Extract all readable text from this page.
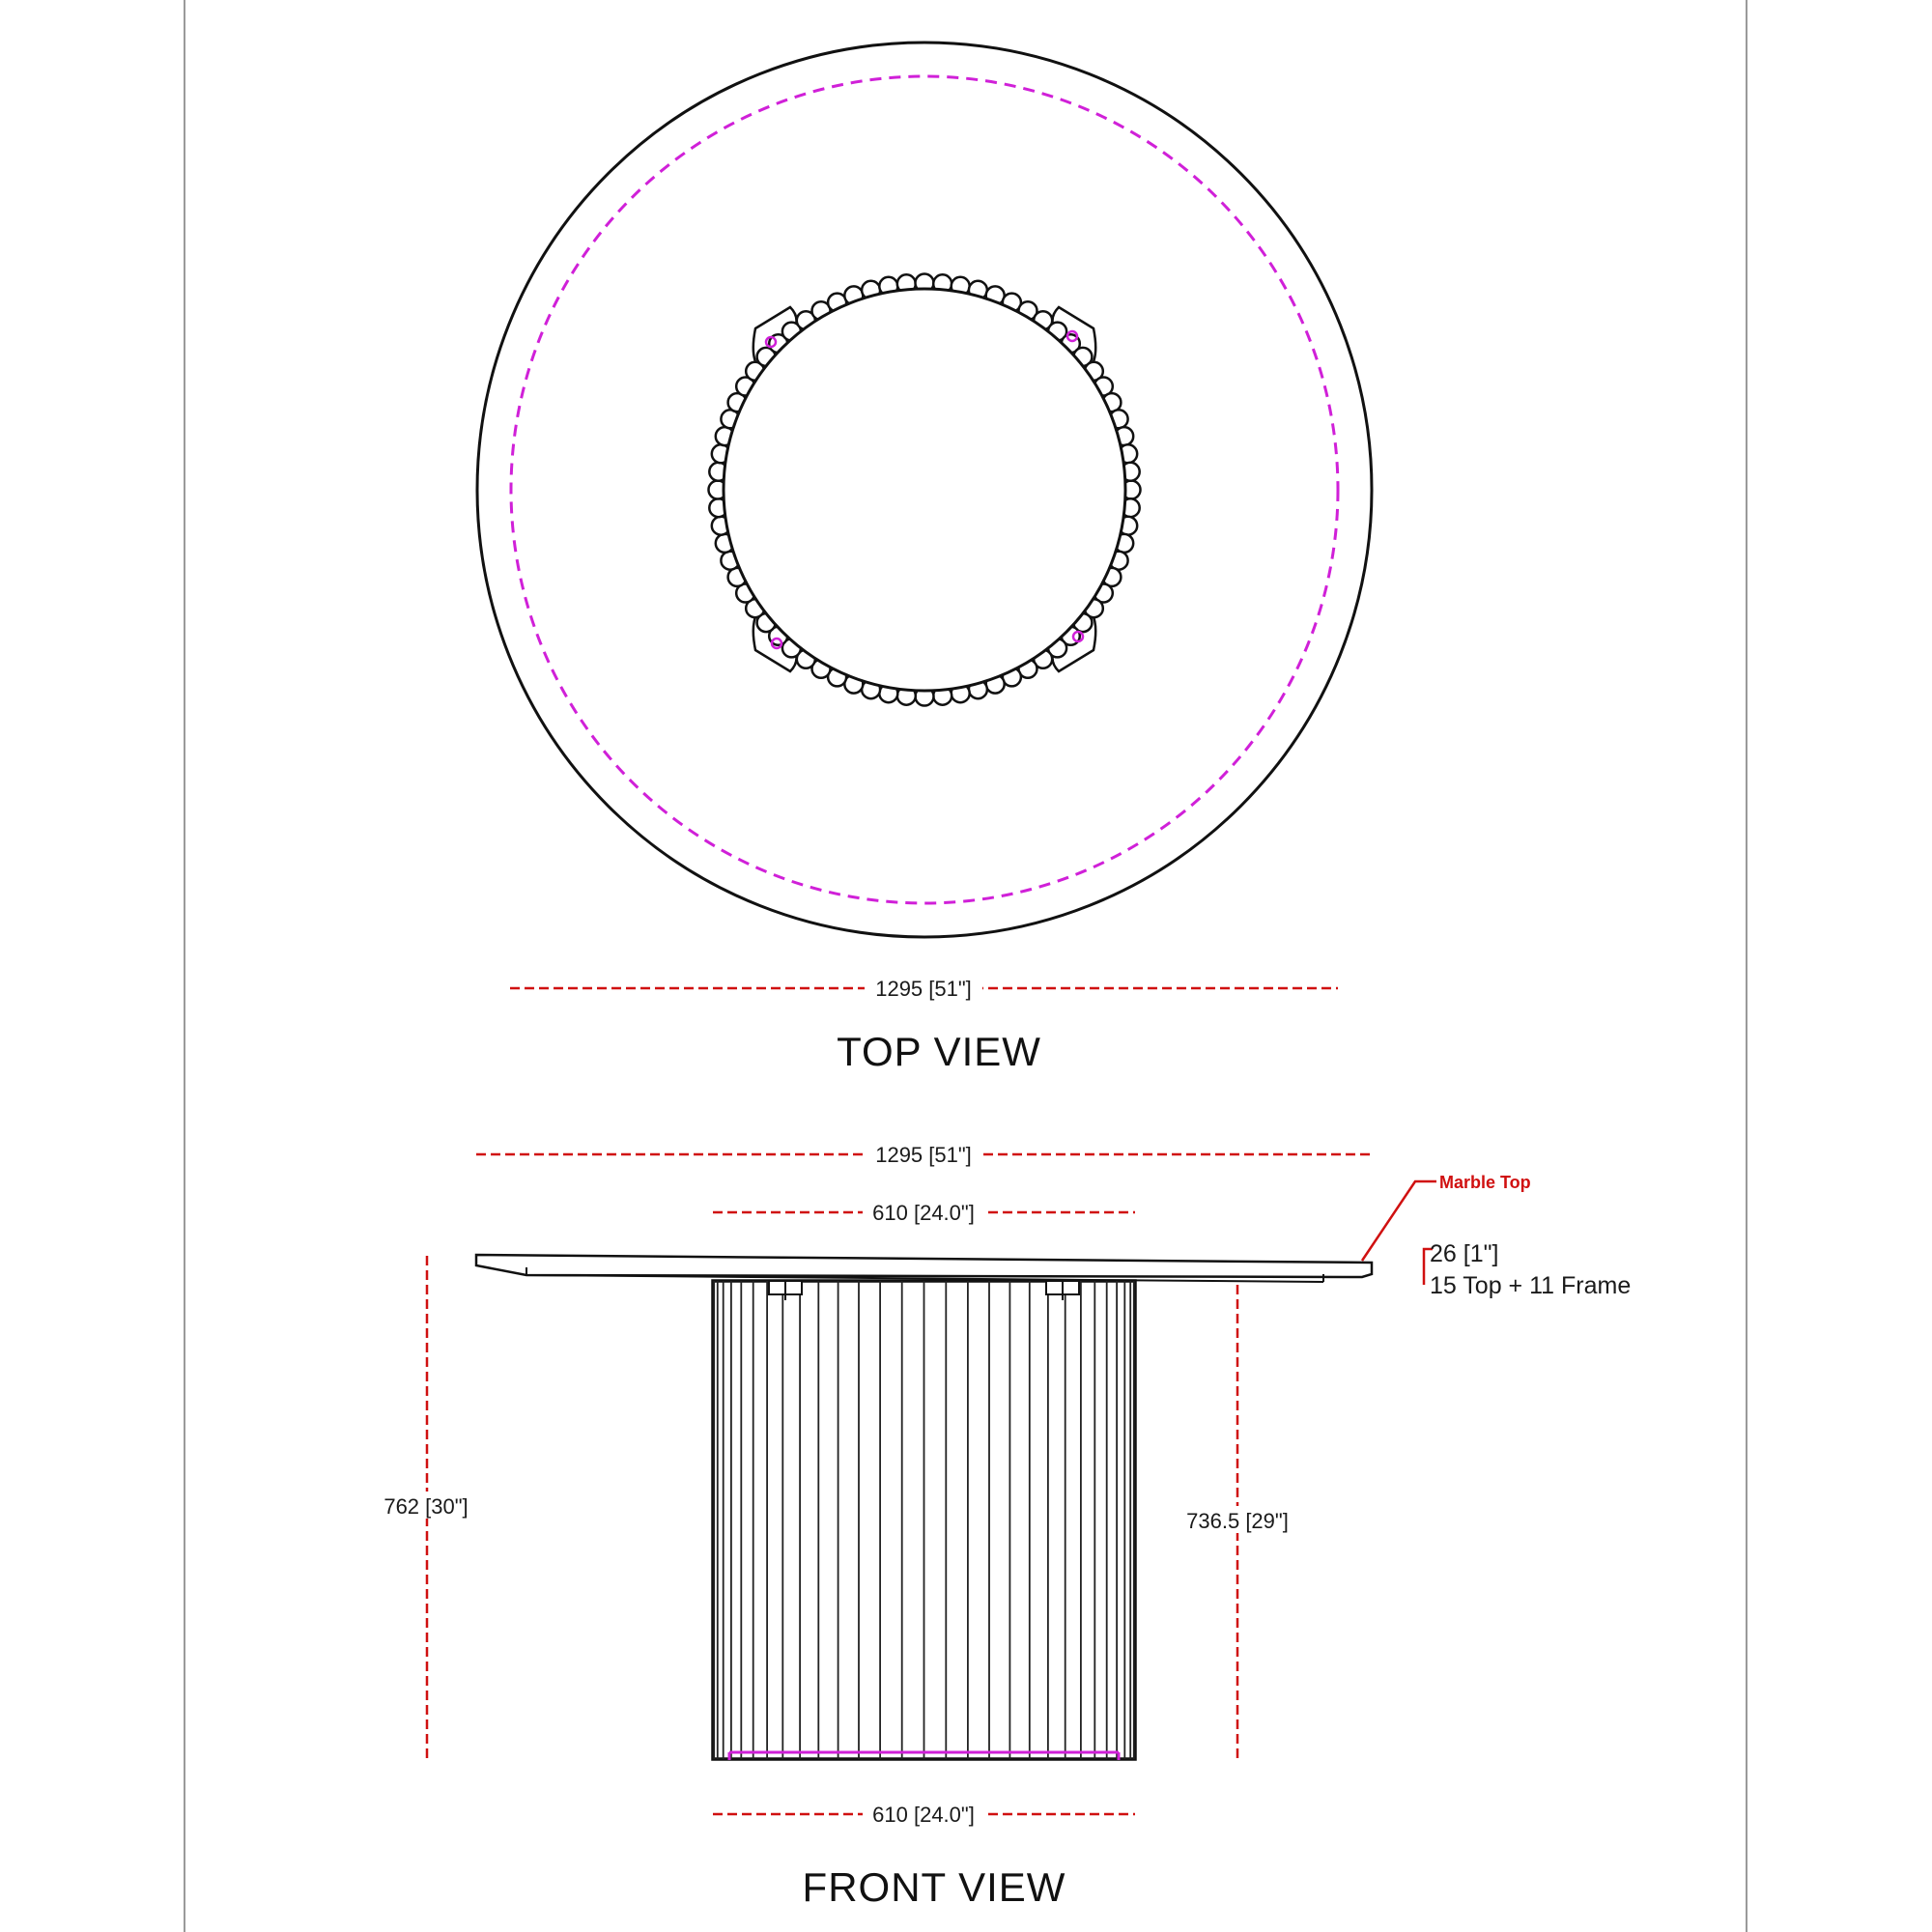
1295 [51"]
TOP VIEW
1295 [51"]
610 [24.0"]
762 [30"]
736.5 [29"]
610 [24.0"]
Marble Top
26 [1"]
15 Top + 11 Frame
FRONT VIEW
